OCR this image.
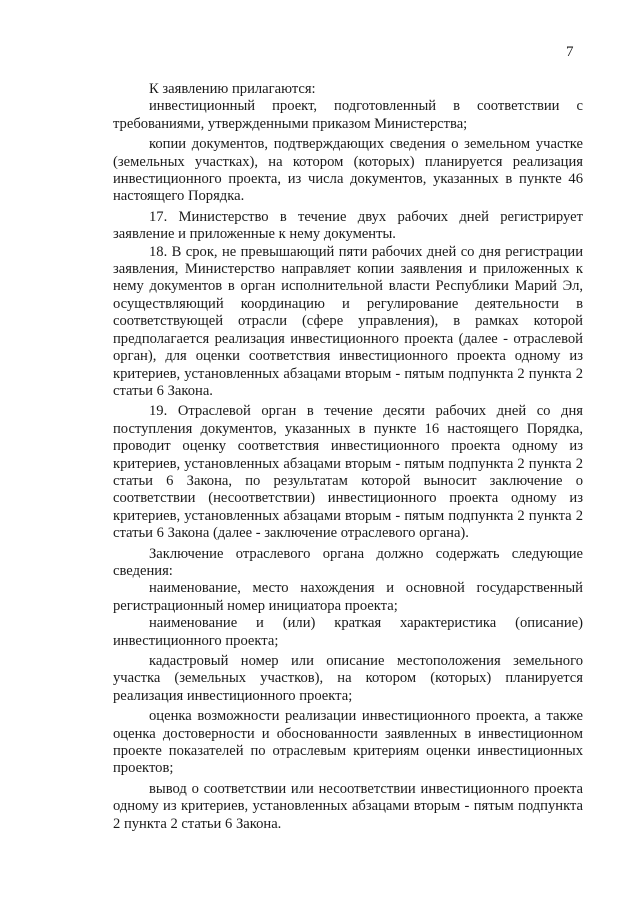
7

К заявлению прилагаются:

инвестиционный проект, подготовленный в соответствии с требованиями, утвержденными приказом Министерства;

копии документов, подтверждающих сведения о земельном участке (земельных участках), на котором (которых) планируется реализация инвестиционного проекта, из числа документов, указанных в пункте 46 настоящего Порядка.

17. Министерство в течение двух рабочих дней регистрирует заявление и приложенные к нему документы.

18. В срок, не превышающий пяти рабочих дней со дня регистрации заявления, Министерство направляет копии заявления и приложенных к нему документов в орган исполнительной власти Республики Марий Эл, осуществляющий координацию и регулирование деятельности в соответствующей отрасли (сфере управления), в рамках которой предполагается реализация инвестиционного проекта (далее - отраслевой орган), для оценки соответствия инвестиционного проекта одному из критериев, установленных абзацами вторым - пятым подпункта 2 пункта 2 статьи 6 Закона.

19. Отраслевой орган в течение десяти рабочих дней со дня поступления документов, указанных в пункте 16 настоящего Порядка, проводит оценку соответствия инвестиционного проекта одному из критериев, установленных абзацами вторым - пятым подпункта 2 пункта 2 статьи 6 Закона, по результатам которой выносит заключение о соответствии (несоответствии) инвестиционного проекта одному из критериев, установленных абзацами вторым - пятым подпункта 2 пункта 2 статьи 6 Закона (далее - заключение отраслевого органа).

Заключение отраслевого органа должно содержать следующие сведения:

наименование, место нахождения и основной государственный регистрационный номер инициатора проекта;

наименование и (или) краткая характеристика (описание) инвестиционного проекта;

кадастровый номер или описание местоположения земельного участка (земельных участков), на котором (которых) планируется реализация инвестиционного проекта;

оценка возможности реализации инвестиционного проекта, а также оценка достоверности и обоснованности заявленных в инвестиционном проекте показателей по отраслевым критериям оценки инвестиционных проектов;

вывод о соответствии или несоответствии инвестиционного проекта одному из критериев, установленных абзацами вторым - пятым подпункта 2 пункта 2 статьи 6 Закона.
